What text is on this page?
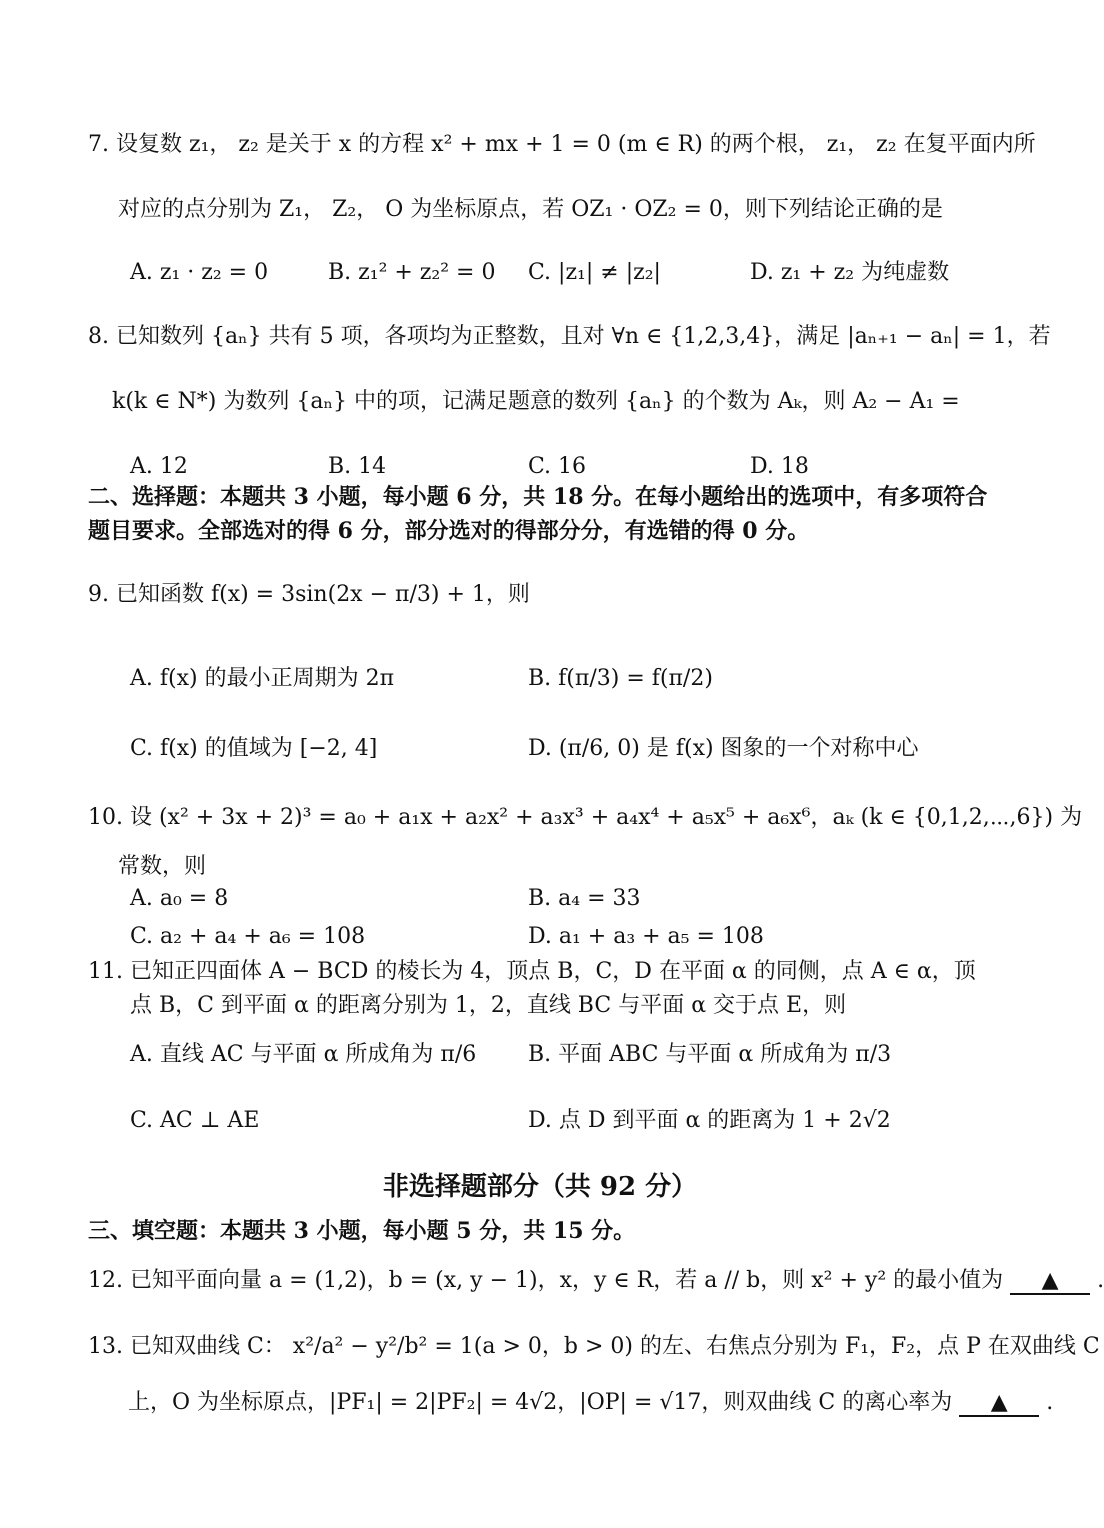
7. 设复数 z₁， z₂ 是关于 x 的方程 x² + mx + 1 = 0 (m ∈ R) 的两个根， z₁， z₂ 在复平面内所
对应的点分别为 Z₁， Z₂， O 为坐标原点，若 OZ₁ · OZ₂ = 0，则下列结论正确的是
A. z₁ · z₂ = 0	B. z₁² + z₂² = 0 C. |z₁| ≠ |z₂|	D. z₁ + z₂ 为纯虚数
8. 已知数列 {aₙ} 共有 5 项，各项均为正整数，且对 ∀n ∈ {1,2,3,4}，满足 |aₙ₊₁ − aₙ| = 1，若
k(k ∈ N*) 为数列 {aₙ} 中的项，记满足题意的数列 {aₙ} 的个数为 Aₖ，则 A₂ − A₁ =
A. 12	B. 14	C. 16	D. 18
二、选择题：本题共 3 小题，每小题 6 分，共 18 分。在每小题给出的选项中，有多项符合
题目要求。全部选对的得 6 分，部分选对的得部分分，有选错的得 0 分。
9. 已知函数 f(x) = 3sin(2x − π/3) + 1，则
A. f(x) 的最小正周期为 2π	B. f(π/3) = f(π/2)
C. f(x) 的值域为 [−2, 4]	D. (π/6, 0) 是 f(x) 图象的一个对称中心
10. 设 (x² + 3x + 2)³ = a₀ + a₁x + a₂x² + a₃x³ + a₄x⁴ + a₅x⁵ + a₆x⁶，aₖ (k ∈ {0,1,2,⋯,6}) 为
常数，则
A. a₀ = 8	B. a₄ = 33
C. a₂ + a₄ + a₆ = 108	D. a₁ + a₃ + a₅ = 108
11. 已知正四面体 A − BCD 的棱长为 4，顶点 B，C，D 在平面 α 的同侧，点 A ∈ α，顶
点 B，C 到平面 α 的距离分别为 1，2，直线 BC 与平面 α 交于点 E，则
A. 直线 AC 与平面 α 所成角为 π/6 B. 平面 ABC 与平面 α 所成角为 π/3
C. AC ⊥ AE	D. 点 D 到平面 α 的距离为 1 + 2√2
非选择题部分（共 92 分）
三、填空题：本题共 3 小题，每小题 5 分，共 15 分。
12. 已知平面向量 a = (1,2)，b = (x, y − 1)，x，y ∈ R，若 a // b，则 x² + y² 的最小值为 ▲ .
13. 已知双曲线 C： x²/a² − y²/b² = 1(a > 0，b > 0) 的左、右焦点分别为 F₁，F₂，点 P 在双曲线 C
上，O 为坐标原点，|PF₁| = 2|PF₂| = 4√2，|OP| = √17，则双曲线 C 的离心率为 ▲ .
